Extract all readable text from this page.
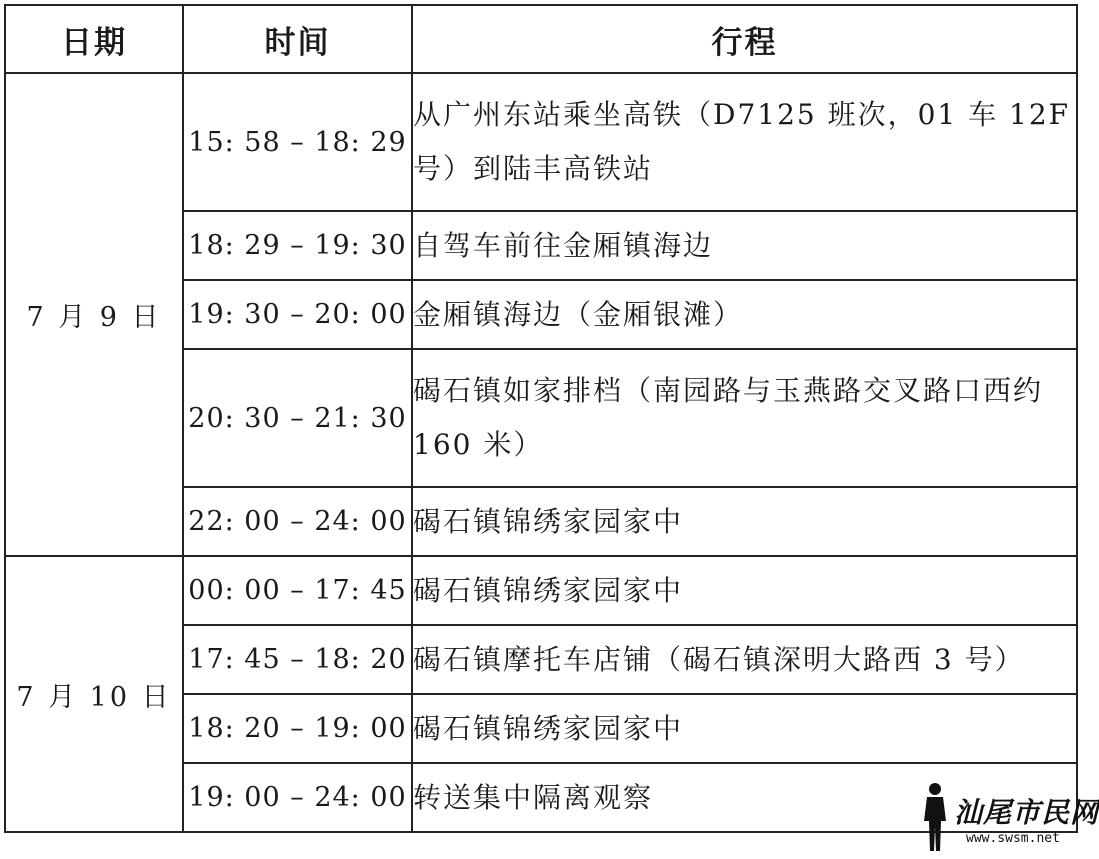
日期	时间	行程
7 月 9 日	15: 58 – 18: 29	从广州东站乘坐高铁（D7125 班次，01 车 12F 号）到陆丰高铁站
	18: 29 – 19: 30	自驾车前往金厢镇海边
	19: 30 – 20: 00	金厢镇海边（金厢银滩）
	20: 30 – 21: 30	碣石镇如家排档（南园路与玉燕路交叉路口西约 160 米）
	22: 00 – 24: 00	碣石镇锦绣家园家中
7 月 10 日	00: 00 – 17: 45	碣石镇锦绣家园家中
	17: 45 – 18: 20	碣石镇摩托车店铺（碣石镇深明大路西 3 号）
	18: 20 – 19: 00	碣石镇锦绣家园家中
	19: 00 – 24: 00	转送集中隔离观察	汕尾市民网
www.swsm.net
